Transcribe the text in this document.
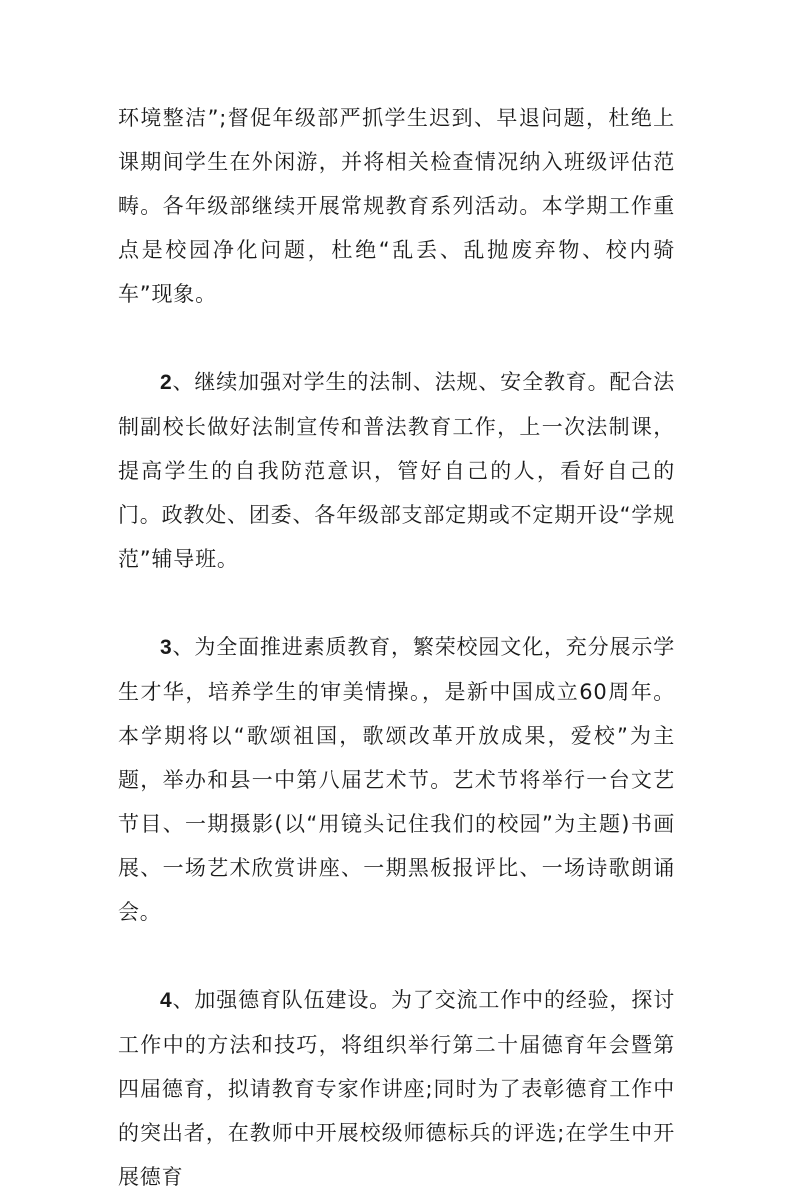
环境整洁”;督促年级部严抓学生迟到、早退问题，杜绝上课期间学生在外闲游，并将相关检查情况纳入班级评估范畴。各年级部继续开展常规教育系列活动。本学期工作重点是校园净化问题，杜绝“乱丢、乱抛废弃物、校内骑车”现象。

2、继续加强对学生的法制、法规、安全教育。配合法制副校长做好法制宣传和普法教育工作，上一次法制课，提高学生的自我防范意识，管好自己的人，看好自己的门。政教处、团委、各年级部支部定期或不定期开设“学规范”辅导班。

3、为全面推进素质教育，繁荣校园文化，充分展示学生才华，培养学生的审美情操。，是新中国成立60周年。本学期将以“歌颂祖国，歌颂改革开放成果，爱校”为主题，举办和县一中第八届艺术节。艺术节将举行一台文艺节目、一期摄影(以“用镜头记住我们的校园”为主题)书画展、一场艺术欣赏讲座、一期黑板报评比、一场诗歌朗诵会。

4、加强德育队伍建设。为了交流工作中的经验，探讨工作中的方法和技巧，将组织举行第二十届德育年会暨第四届德育，拟请教育专家作讲座;同时为了表彰德育工作中的突出者，在教师中开展校级师德标兵的评选;在学生中开展德育
